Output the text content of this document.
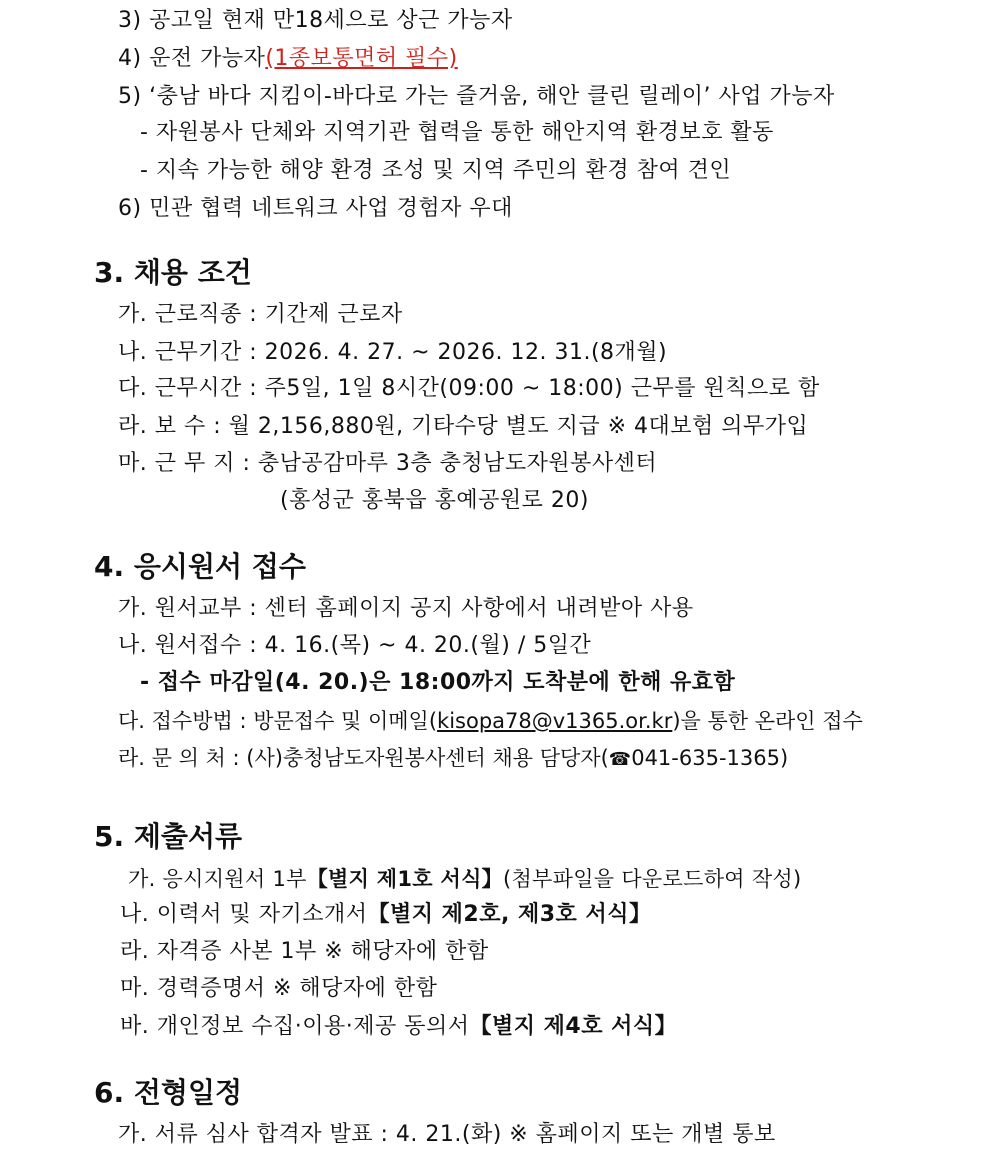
3) 공고일 현재 만18세으로 상근 가능자
4) 운전 가능자(1종보통면허 필수)
5) ‘충남 바다 지킴이-바다로 가는 즐거움, 해안 클린 릴레이’ 사업 가능자
- 자원봉사 단체와 지역기관 협력을 통한 해안지역 환경보호 활동
- 지속 가능한 해양 환경 조성 및 지역 주민의 환경 참여 견인
6) 민관 협력 네트워크 사업 경험자 우대
3. 채용 조건
가. 근로직종 : 기간제 근로자
나. 근무기간 : 2026. 4. 27. ~ 2026. 12. 31.(8개월)
다. 근무시간 : 주5일, 1일 8시간(09:00 ~ 18:00) 근무를 원칙으로 함
라. 보 수 : 월 2,156,880원, 기타수당 별도 지급 ※ 4대보험 의무가입
마. 근 무 지 : 충남공감마루 3층 충청남도자원봉사센터
(홍성군 홍북읍 홍예공원로 20)
4. 응시원서 접수
가. 원서교부 : 센터 홈페이지 공지 사항에서 내려받아 사용
나. 원서접수 : 4. 16.(목) ~ 4. 20.(월) / 5일간
- 접수 마감일(4. 20.)은 18:00까지 도착분에 한해 유효함
다. 접수방법 : 방문접수 및 이메일(kisopa78@v1365.or.kr)을 통한 온라인 접수
라. 문 의 처 : (사)충청남도자원봉사센터 채용 담당자(☎041-635-1365)
5. 제출서류
가. 응시지원서 1부【별지 제1호 서식】(첨부파일을 다운로드하여 작성)
나. 이력서 및 자기소개서【별지 제2호, 제3호 서식】
라. 자격증 사본 1부 ※ 해당자에 한함
마. 경력증명서 ※ 해당자에 한함
바. 개인정보 수집·이용·제공 동의서【별지 제4호 서식】
6. 전형일정
가. 서류 심사 합격자 발표 : 4. 21.(화) ※ 홈페이지 또는 개별 통보
